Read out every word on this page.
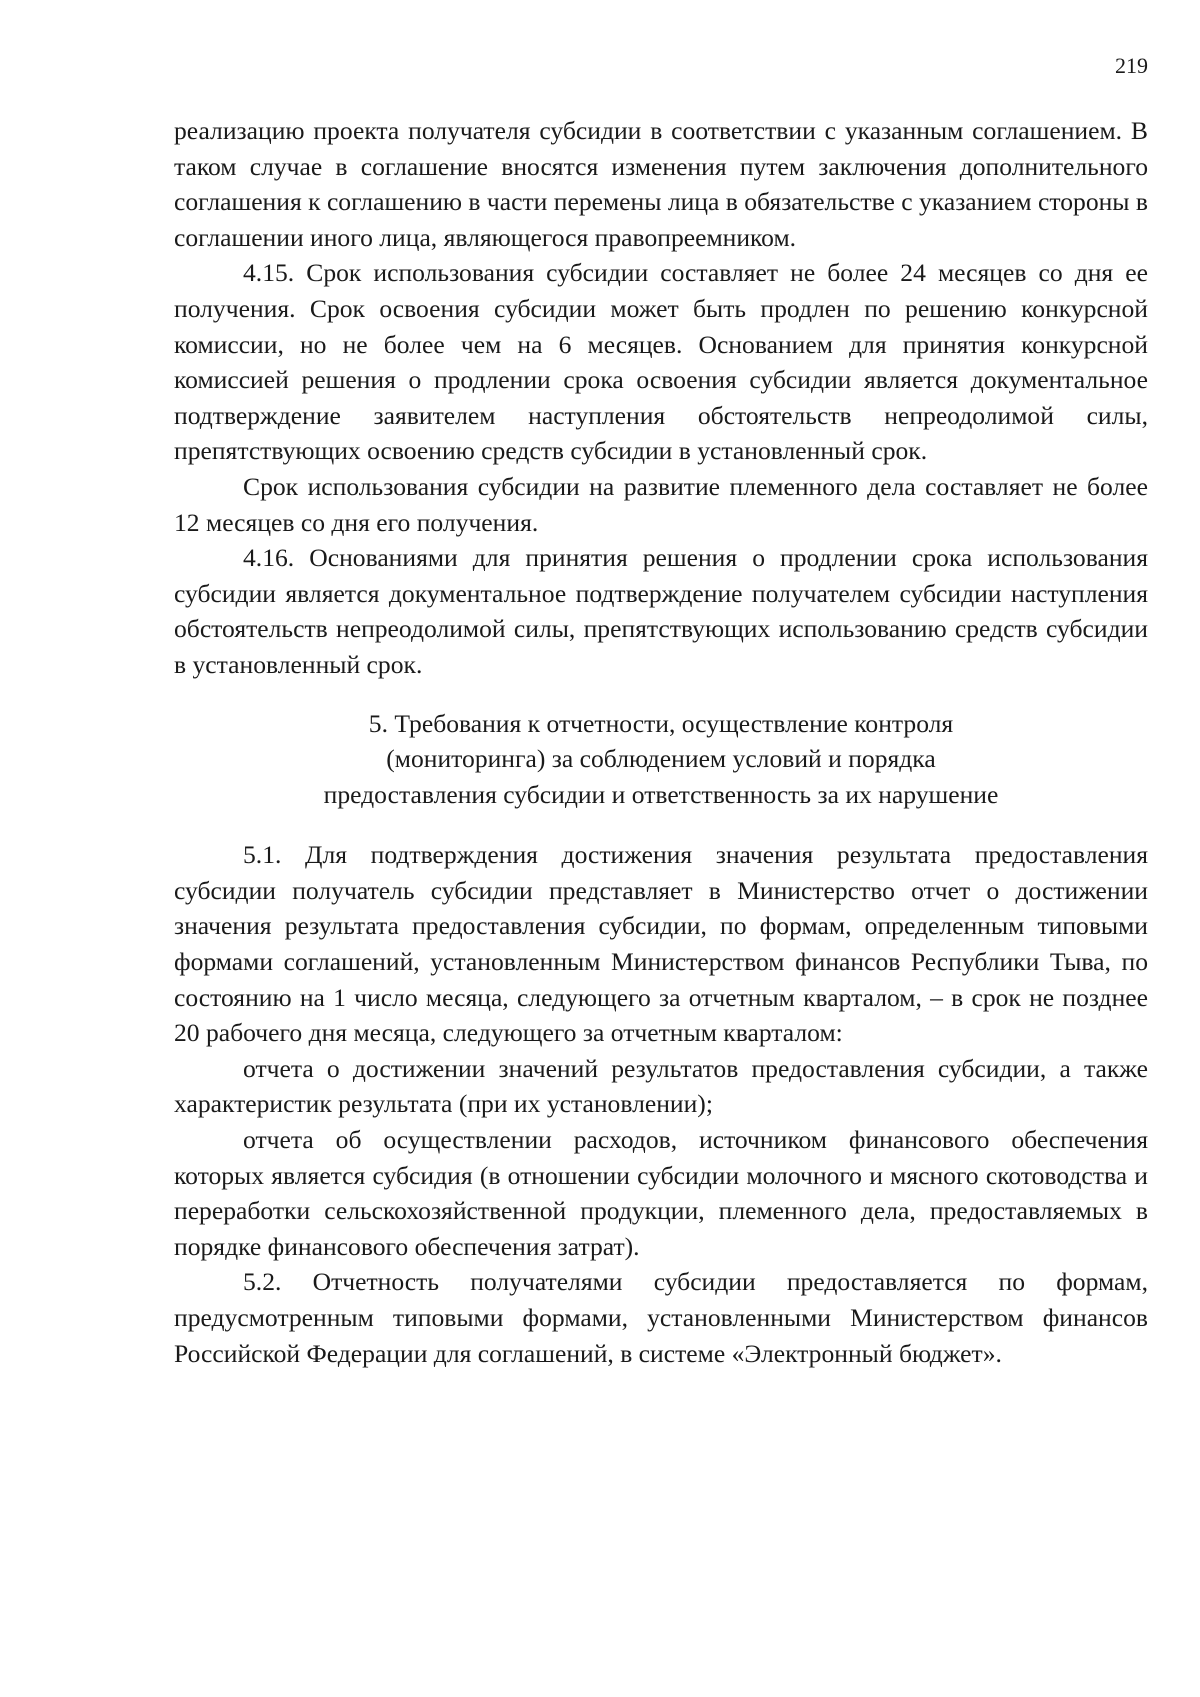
219

реализацию проекта получателя субсидии в соответствии с указанным соглашением. В таком случае в соглашение вносятся изменения путем заключения дополнительного соглашения к соглашению в части перемены лица в обязательстве с указанием стороны в соглашении иного лица, являющегося правопреемником.

4.15. Срок использования субсидии составляет не более 24 месяцев со дня ее получения. Срок освоения субсидии может быть продлен по решению конкурсной комиссии, но не более чем на 6 месяцев. Основанием для принятия конкурсной комиссией решения о продлении срока освоения субсидии является документальное подтверждение заявителем наступления обстоятельств непреодолимой силы, препятствующих освоению средств субсидии в установленный срок.

Срок использования субсидии на развитие племенного дела составляет не более 12 месяцев со дня его получения.

4.16. Основаниями для принятия решения о продлении срока использования субсидии является документальное подтверждение получателем субсидии наступления обстоятельств непреодолимой силы, препятствующих использованию средств субсидии в установленный срок.

5. Требования к отчетности, осуществление контроля
(мониторинга) за соблюдением условий и порядка
предоставления субсидии и ответственность за их нарушение

5.1. Для подтверждения достижения значения результата предоставления субсидии получатель субсидии представляет в Министерство отчет о достижении значения результата предоставления субсидии, по формам, определенным типовыми формами соглашений, установленным Министерством финансов Республики Тыва, по состоянию на 1 число месяца, следующего за отчетным кварталом, – в срок не позднее 20 рабочего дня месяца, следующего за отчетным кварталом:

отчета о достижении значений результатов предоставления субсидии, а также характеристик результата (при их установлении);

отчета об осуществлении расходов, источником финансового обеспечения которых является субсидия (в отношении субсидии молочного и мясного скотоводства и переработки сельскохозяйственной продукции, племенного дела, предоставляемых в порядке финансового обеспечения затрат).

5.2. Отчетность получателями субсидии предоставляется по формам, предусмотренным типовыми формами, установленными Министерством финансов Российской Федерации для соглашений, в системе «Электронный бюджет».
